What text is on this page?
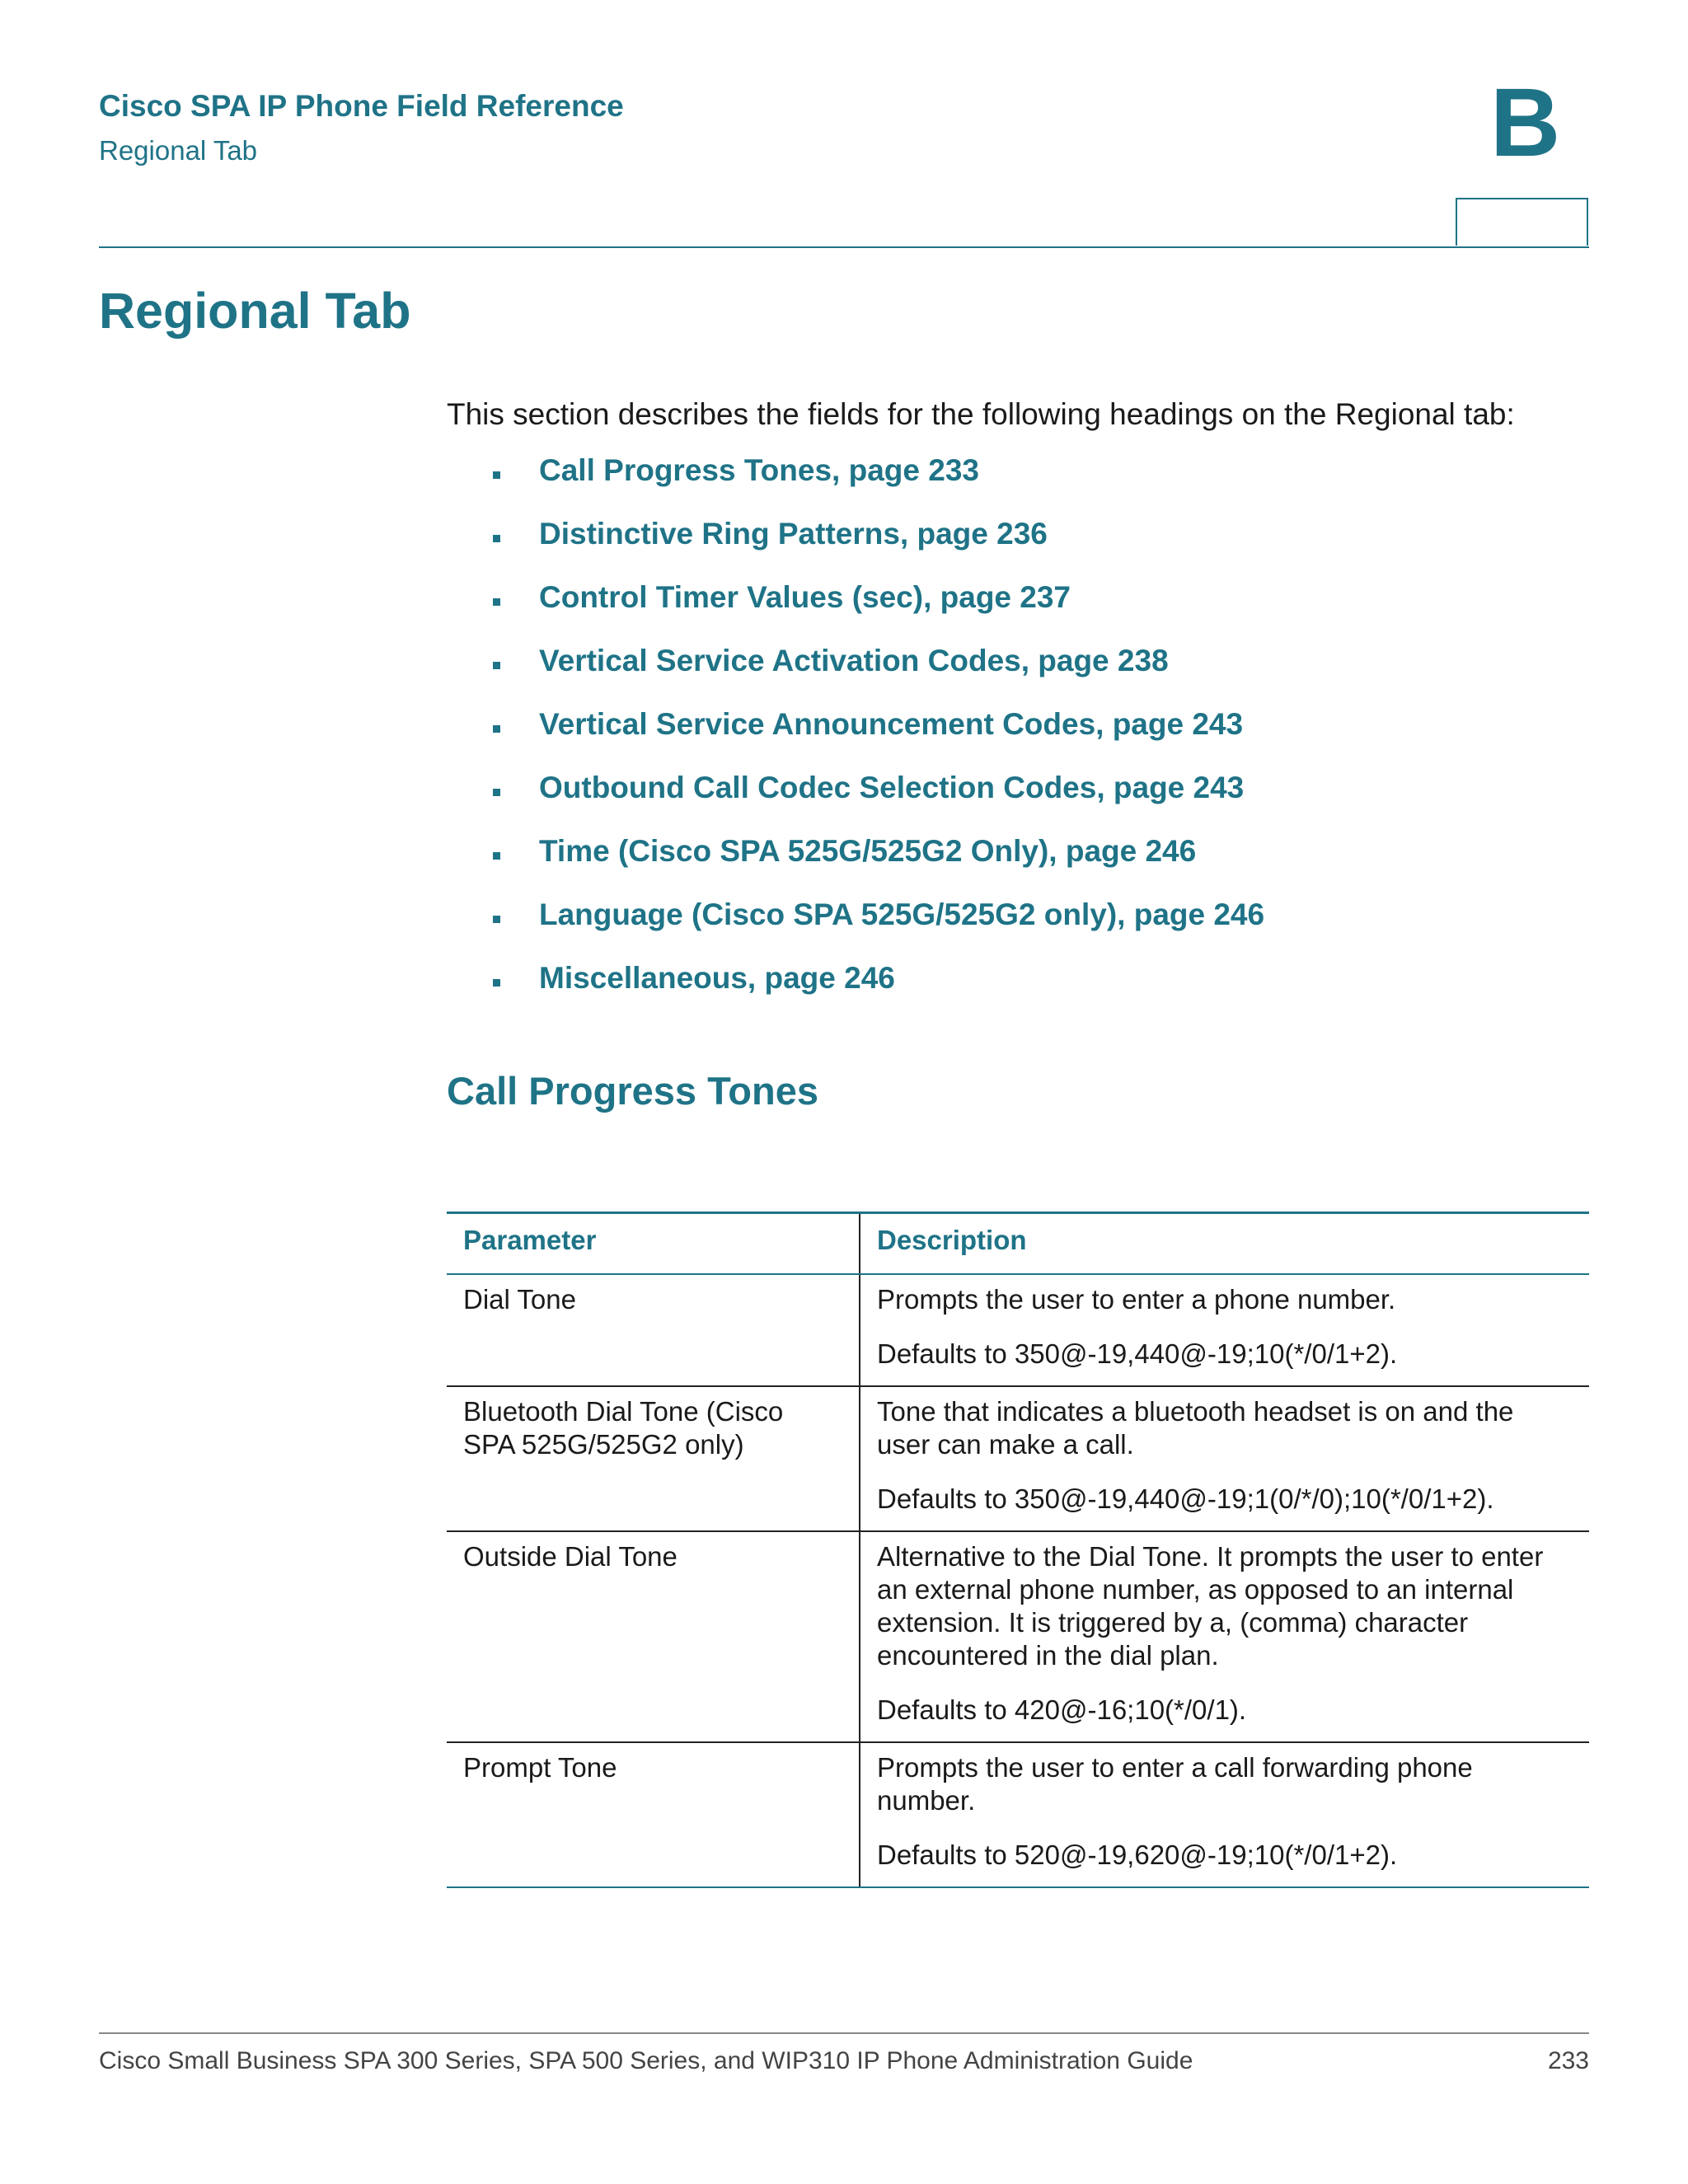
Cisco SPA IP Phone Field Reference
Regional Tab	B
Regional Tab
This section describes the fields for the following headings on the Regional tab:
Call Progress Tones, page 233
Distinctive Ring Patterns, page 236
Control Timer Values (sec), page 237
Vertical Service Activation Codes, page 238
Vertical Service Announcement Codes, page 243
Outbound Call Codec Selection Codes, page 243
Time (Cisco SPA 525G/525G2 Only), page 246
Language (Cisco SPA 525G/525G2 only), page 246
Miscellaneous, page 246
Call Progress Tones
Parameter	Description
Dial Tone	Prompts the user to enter a phone number.

Defaults to 350@-19,440@-19;10(*/0/1+2).

Bluetooth Dial Tone (Cisco SPA 525G/525G2 only)	Tone that indicates a bluetooth headset is on and the user can make a call.

Defaults to 350@-19,440@-19;1(0/*/0);10(*/0/1+2).

Outside Dial Tone	Alternative to the Dial Tone. It prompts the user to enter an external phone number, as opposed to an internal extension. It is triggered by a, (comma) character encountered in the dial plan.

Defaults to 420@-16;10(*/0/1).

Prompt Tone	Prompts the user to enter a call forwarding phone number.

Defaults to 520@-19,620@-19;10(*/0/1+2).

Cisco Small Business SPA 300 Series, SPA 500 Series, and WIP310 IP Phone Administration Guide	233
